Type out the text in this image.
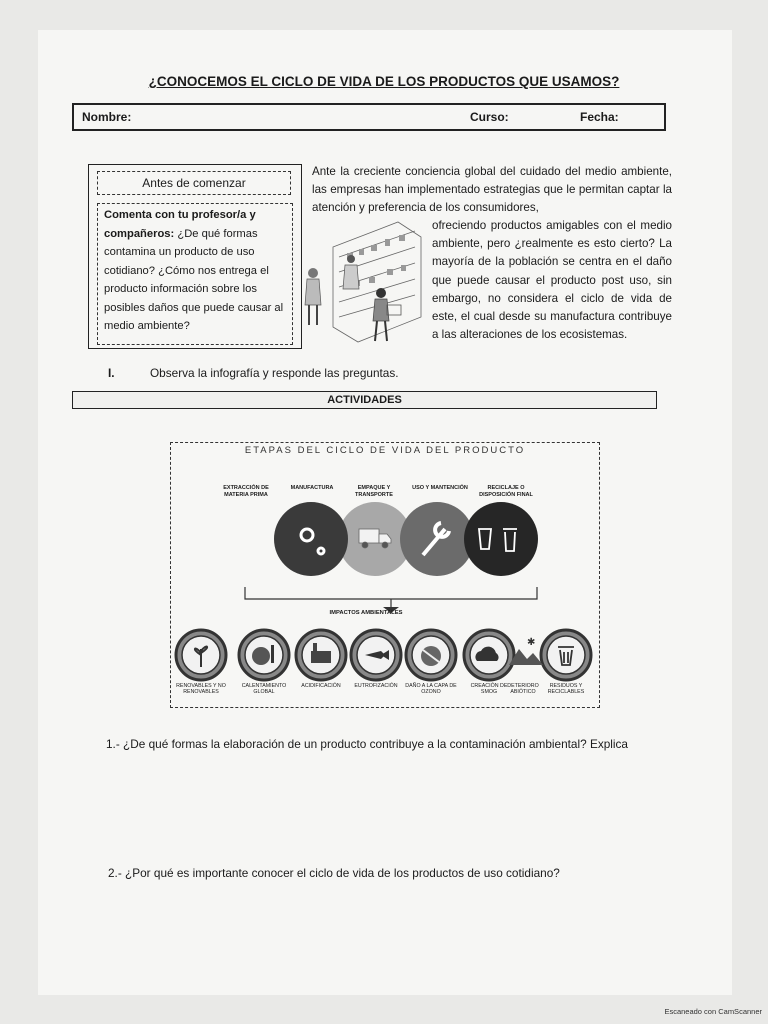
¿CONOCEMOS EL CICLO DE VIDA DE LOS PRODUCTOS QUE USAMOS?
Nombre:	Curso:	Fecha:
Antes de comenzar
Comenta con tu profesor/a y compañeros: ¿De qué formas contamina un producto de uso cotidiano? ¿Cómo nos entrega el producto información sobre los posibles daños que puede causar al medio ambiente?
Ante la creciente conciencia global del cuidado del medio ambiente, las empresas han implementado estrategias que le permitan captar la atención y preferencia de los consumidores,
ofreciendo productos amigables con el medio ambiente, pero ¿realmente es esto cierto? La mayoría de la población se centra en el daño que puede causar el producto post uso, sin embargo, no considera el ciclo de vida de este, el cual desde su manufactura contribuye a las alteraciones de los ecosistemas.
I.	Observa la infografía y responde las preguntas.
ACTIVIDADES
ETAPAS DEL CICLO DE VIDA DEL PRODUCTO
EXTRACCIÓN DE MATERIA PRIMA
MANUFACTURA	EMPAQUE Y TRANSPORTE
USO Y MANTENCIÓN	RECICLAJE O DISPOSICIÓN FINAL
IMPACTOS AMBIENTALES
✱
RENOVABLES Y NO RENOVABLES
CALENTAMIENTO GLOBAL
ACIDIFICACIÓN	EUTROFIZACIÓN	DAÑO A LA CAPA DE OZONO
CREACIÓN DE SMOG
DETERIORO ABIÓTICO
RESIDUOS Y RECICLABLES
1.- ¿De qué formas la elaboración de un producto contribuye a la contaminación ambiental? Explica
2.- ¿Por qué es importante conocer el ciclo de vida de los productos de uso cotidiano?
Escaneado con CamScanner
